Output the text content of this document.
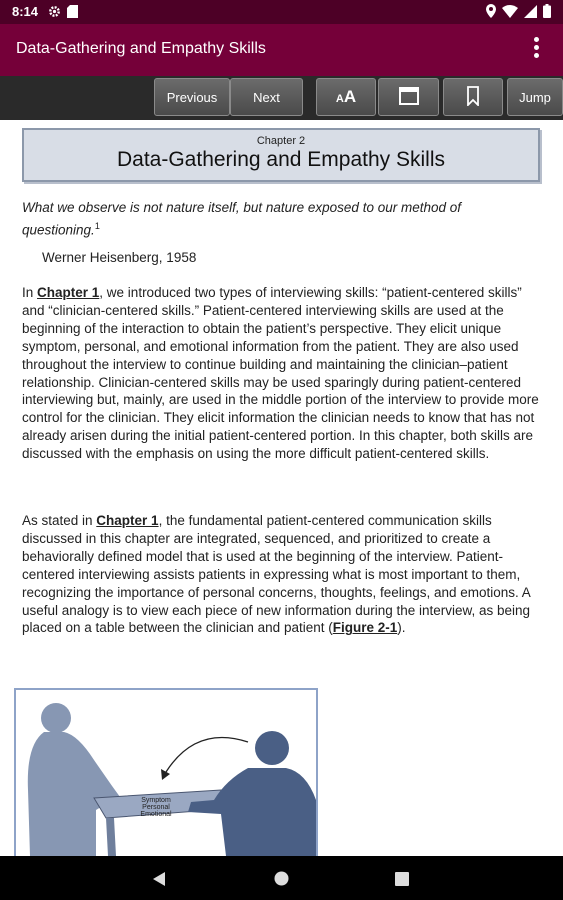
8:14
Data-Gathering and Empathy Skills
Previous	Next	AA	Jump
Chapter 2
Data-Gathering and Empathy Skills
What we observe is not nature itself, but nature exposed to our method of questioning.$^1$
Werner Heisenberg, 1958
In Chapter 1, we introduced two types of interviewing skills: “patient-centered skills” and “clinician-centered skills.” Patient-centered interviewing skills are used at the beginning of the interaction to obtain the patient’s perspective. They elicit unique symptom, personal, and emotional information from the patient. They are also used throughout the interview to continue building and maintaining the clinician–patient relationship. Clinician-centered skills may be used sparingly during patient-centered interviewing but, mainly, are used in the middle portion of the interview to provide more control for the clinician. They elicit information the clinician needs to know that has not already arisen during the initial patient-centered portion. In this chapter, both skills are discussed with the emphasis on using the more difficult patient-centered skills.
As stated in Chapter 1, the fundamental patient-centered communication skills discussed in this chapter are integrated, sequenced, and prioritized to create a behaviorally defined model that is used at the beginning of the interview. Patient-centered interviewing assists patients in expressing what is most important to them, recognizing the importance of personal concerns, thoughts, feelings, and emotions. A useful analogy is to view each piece of new information during the interview, as being placed on a table between the clinician and patient (Figure 2-1).
Symptom
Personal
Emotional
